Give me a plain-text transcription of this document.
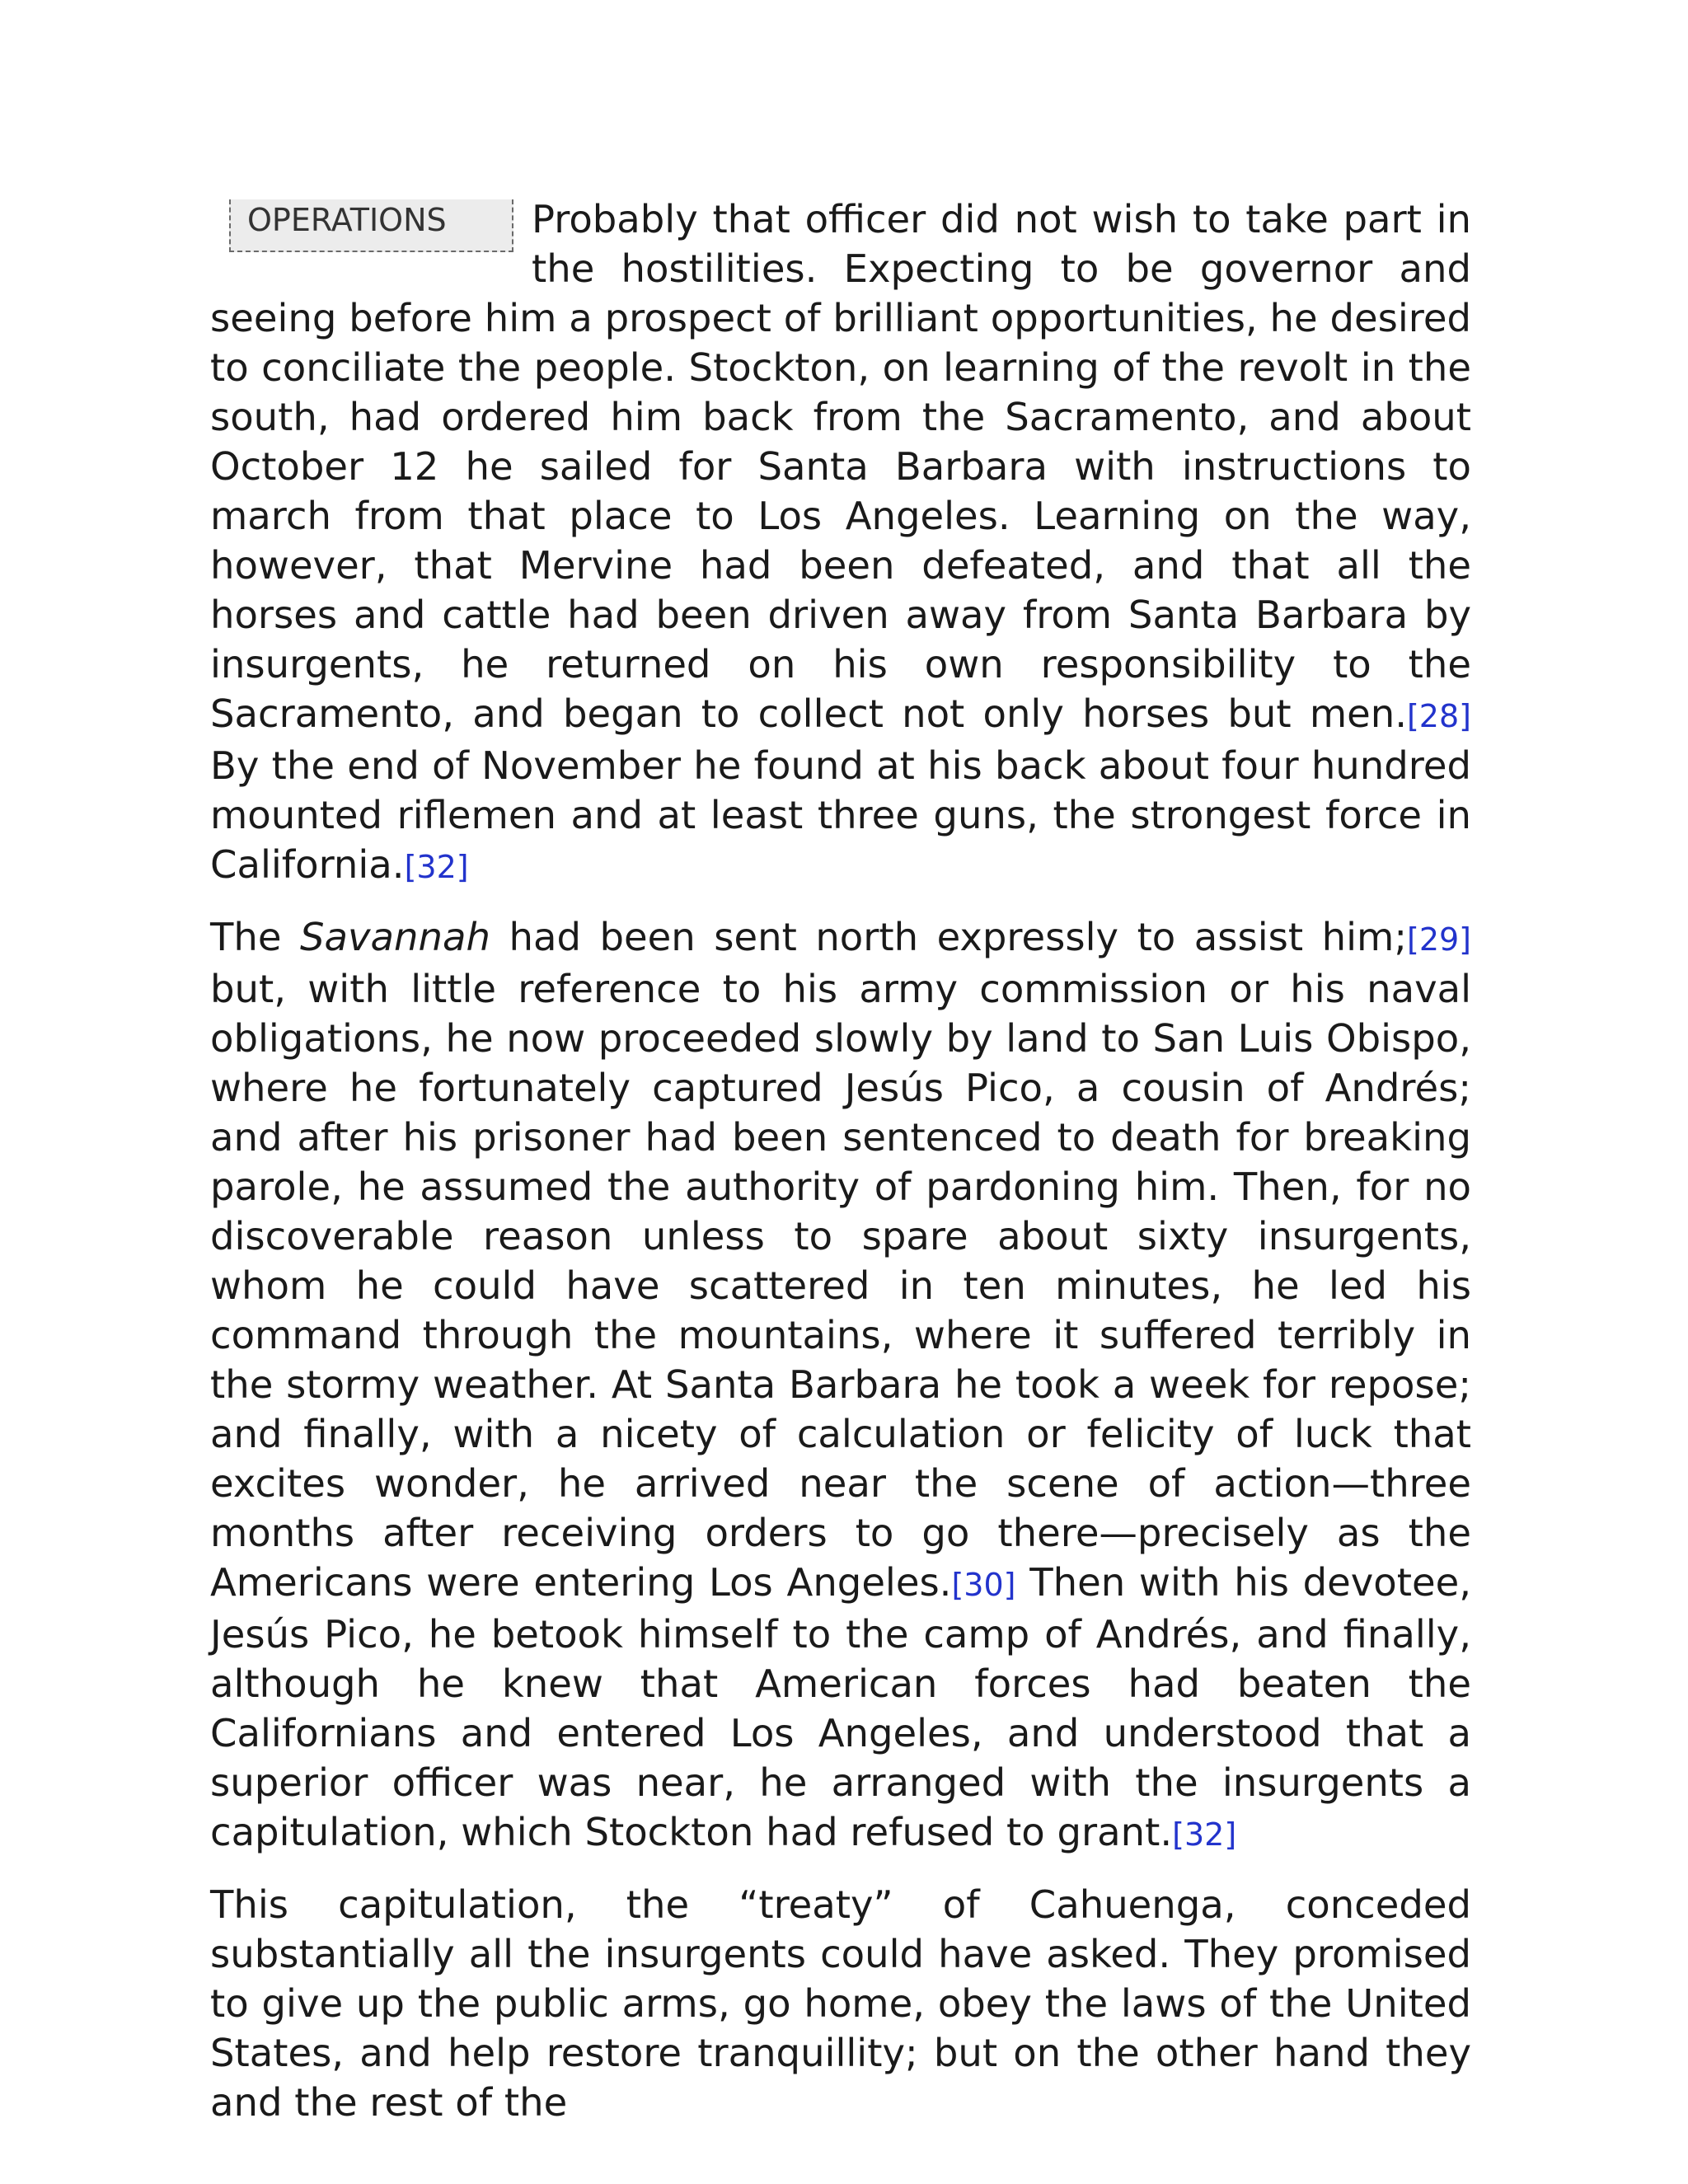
OPERATIONS	Probably that officer did not wish to take part in the hostilities. Expecting to be governor and seeing before him a prospect of brilliant opportunities, he desired to conciliate the people. Stockton, on learning of the revolt in the south, had ordered him back from the Sacramento, and about October 12 he sailed for Santa Barbara with instructions to march from that place to Los Angeles. Learning on the way, however, that Mervine had been defeated, and that all the horses and cattle had been driven away from Santa Barbara by insurgents, he returned on his own responsibility to the Sacramento, and began to collect not only horses but men.[28] By the end of November he found at his back about four hundred mounted riflemen and at least three guns, the strongest force in California.[32]

The Savannah had been sent north expressly to assist him;[29] but, with little reference to his army commission or his naval obligations, he now proceeded slowly by land to San Luis Obispo, where he fortunately captured Jesús Pico, a cousin of Andrés; and after his prisoner had been sentenced to death for breaking parole, he assumed the authority of pardoning him. Then, for no discoverable reason unless to spare about sixty insurgents, whom he could have scattered in ten minutes, he led his command through the mountains, where it suffered terribly in the stormy weather. At Santa Barbara he took a week for repose; and finally, with a nicety of calculation or felicity of luck that excites wonder, he arrived near the scene of action—three months after receiving orders to go there—precisely as the Americans were entering Los Angeles.[30] Then with his devotee, Jesús Pico, he betook himself to the camp of Andrés, and finally, although he knew that American forces had beaten the Californians and entered Los Angeles, and understood that a superior officer was near, he arranged with the insurgents a capitulation, which Stockton had refused to grant.[32]

This capitulation, the “treaty” of Cahuenga, conceded substantially all the insurgents could have asked. They promised to give up the public arms, go home, obey the laws of the United States, and help restore tranquillity; but on the other hand they and the rest of the
